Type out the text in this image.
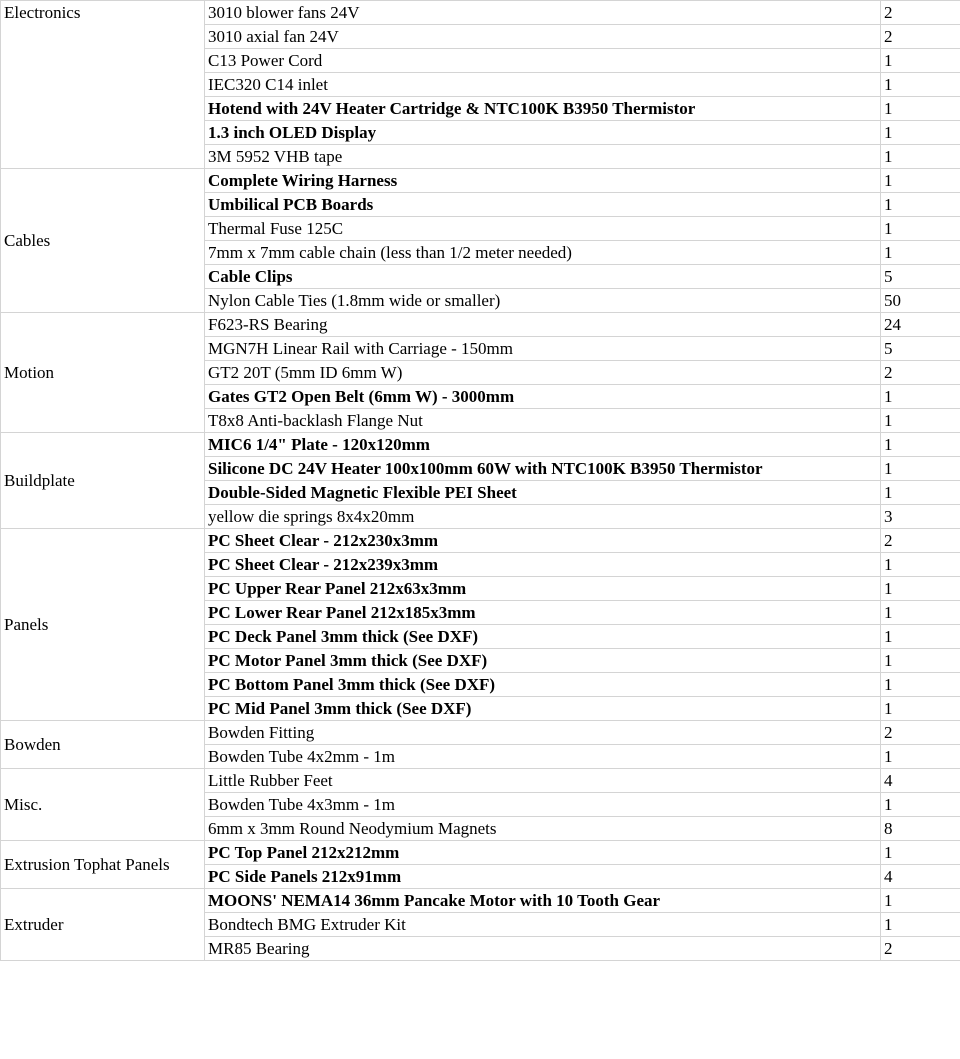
Electronics	3010 blower fans 24V	2
	3010 axial fan 24V	2
	C13 Power Cord	1
	IEC320 C14 inlet	1
	Hotend with 24V Heater Cartridge & NTC100K B3950 Thermistor	1
	1.3 inch OLED Display	1
	3M 5952 VHB tape	1
Cables	Complete Wiring Harness	1
	Umbilical PCB Boards	1
	Thermal Fuse 125C	1
	7mm x 7mm cable chain (less than 1/2 meter needed)	1
	Cable Clips	5
	Nylon Cable Ties (1.8mm wide or smaller)	50
Motion	F623-RS Bearing	24
	MGN7H Linear Rail with Carriage - 150mm	5
	GT2 20T (5mm ID 6mm W)	2
	Gates GT2 Open Belt (6mm W) - 3000mm	1
	T8x8 Anti-backlash Flange Nut	1
Buildplate	MIC6 1/4" Plate - 120x120mm	1
	Silicone DC 24V Heater 100x100mm 60W with NTC100K B3950 Thermistor	1
	Double-Sided Magnetic Flexible PEI Sheet	1
	yellow die springs 8x4x20mm	3
Panels	PC Sheet Clear - 212x230x3mm	2
	PC Sheet Clear - 212x239x3mm	1
	PC Upper Rear Panel 212x63x3mm	1
	PC Lower Rear Panel 212x185x3mm	1
	PC Deck Panel 3mm thick (See DXF)	1
	PC Motor Panel 3mm thick (See DXF)	1
	PC Bottom Panel 3mm thick (See DXF)	1
	PC Mid Panel 3mm thick (See DXF)	1
Bowden	Bowden Fitting	2
	Bowden Tube 4x2mm - 1m	1
Misc.	Little Rubber Feet	4
	Bowden Tube 4x3mm - 1m	1
	6mm x 3mm Round Neodymium Magnets	8
Extrusion Tophat Panels	PC Top Panel 212x212mm	1
	PC Side Panels 212x91mm	4
Extruder	MOONS' NEMA14 36mm Pancake Motor with 10 Tooth Gear	1
	Bondtech BMG Extruder Kit	1
	MR85 Bearing	2
